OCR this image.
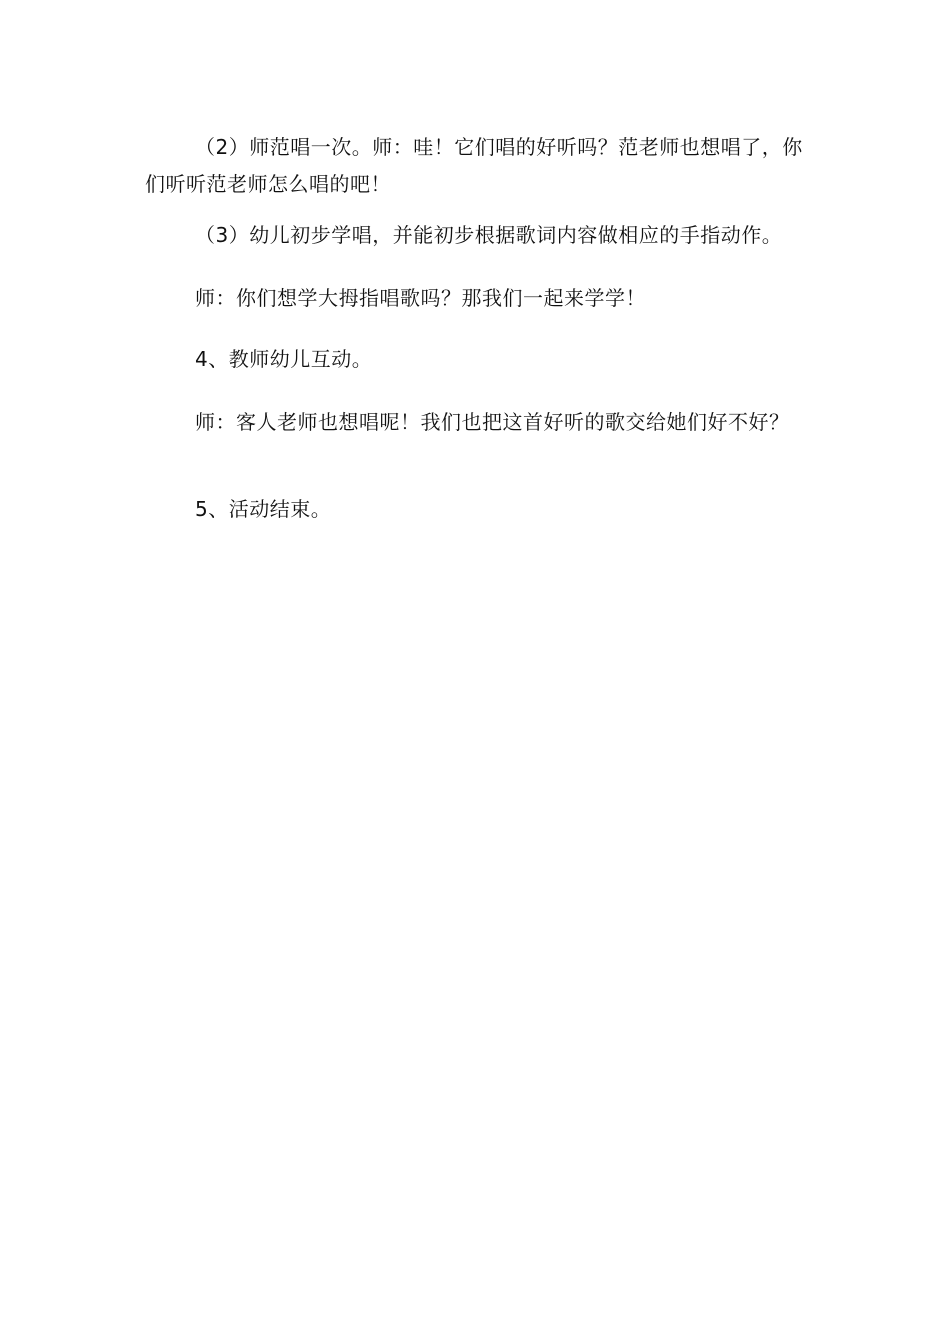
（2）师范唱一次。师：哇！它们唱的好听吗？范老师也想唱了，你们听听范老师怎么唱的吧！

（3）幼儿初步学唱，并能初步根据歌词内容做相应的手指动作。

师：你们想学大拇指唱歌吗？那我们一起来学学！

4、教师幼儿互动。

师：客人老师也想唱呢！我们也把这首好听的歌交给她们好不好？

5、活动结束。
